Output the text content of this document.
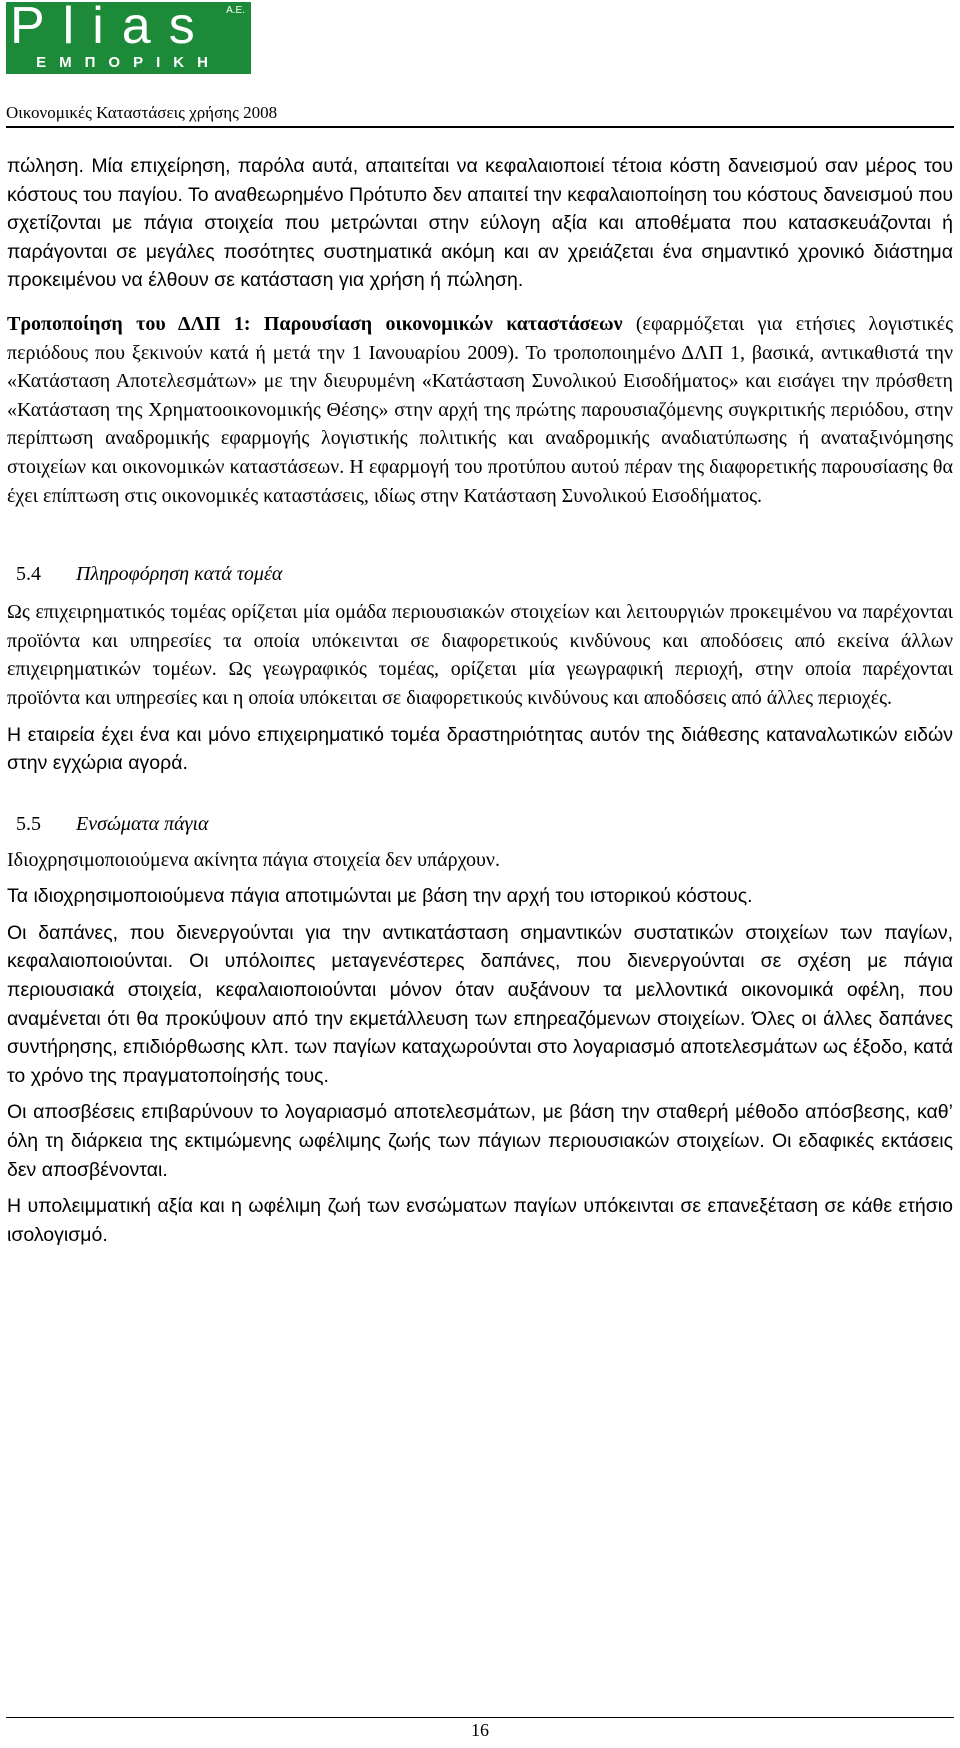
Plias Α.Ε.
ΕΜΠΟΡΙΚΗ
Οικονομικές Καταστάσεις χρήσης 2008

πώληση. Μία επιχείρηση, παρόλα αυτά, απαιτείται να κεφαλαιοποιεί τέτοια κόστη δανεισμού σαν μέρος του κόστους του παγίου. Το αναθεωρημένο Πρότυπο δεν απαιτεί την κεφαλαιοποίηση του κόστους δανεισμού που σχετίζονται με πάγια στοιχεία που μετρώνται στην εύλογη αξία και αποθέματα που κατασκευάζονται ή παράγονται σε μεγάλες ποσότητες συστηματικά ακόμη και αν χρειάζεται ένα σημαντικό χρονικό διάστημα προκειμένου να έλθουν σε κατάσταση για χρήση ή πώληση.

Τροποποίηση του ΔΛΠ 1: Παρουσίαση οικονομικών καταστάσεων (εφαρμόζεται για ετήσιες λογιστικές περιόδους που ξεκινούν κατά ή μετά την 1 Ιανουαρίου 2009). Το τροποποιημένο ΔΛΠ 1, βασικά, αντικαθιστά την «Κατάσταση Αποτελεσμάτων» με την διευρυμένη «Κατάσταση Συνολικού Εισοδήματος» και εισάγει την πρόσθετη «Κατάσταση της Χρηματοοικονομικής Θέσης» στην αρχή της πρώτης παρουσιαζόμενης συγκριτικής περιόδου, στην περίπτωση αναδρομικής εφαρμογής λογιστικής πολιτικής και αναδρομικής αναδιατύπωσης ή αναταξινόμησης στοιχείων και οικονομικών καταστάσεων. Η εφαρμογή του προτύπου αυτού πέραν της διαφορετικής παρουσίασης θα έχει επίπτωση στις οικονομικές καταστάσεις, ιδίως στην Κατάσταση Συνολικού Εισοδήματος.

5.4 Πληροφόρηση κατά τομέα

Ως επιχειρηματικός τομέας ορίζεται μία ομάδα περιουσιακών στοιχείων και λειτουργιών προκειμένου να παρέχονται προϊόντα και υπηρεσίες τα οποία υπόκεινται σε διαφορετικούς κινδύνους και αποδόσεις από εκείνα άλλων επιχειρηματικών τομέων. Ως γεωγραφικός τομέας, ορίζεται μία γεωγραφική περιοχή, στην οποία παρέχονται προϊόντα και υπηρεσίες και η οποία υπόκειται σε διαφορετικούς κινδύνους και αποδόσεις από άλλες περιοχές.

Η εταιρεία έχει ένα και μόνο επιχειρηματικό τομέα δραστηριότητας αυτόν της διάθεσης καταναλωτικών ειδών στην εγχώρια αγορά.

5.5 Ενσώματα πάγια

Ιδιοχρησιμοποιούμενα ακίνητα πάγια στοιχεία δεν υπάρχουν.

Τα ιδιοχρησιμοποιούμενα πάγια αποτιμώνται με βάση την αρχή του ιστορικού κόστους.

Οι δαπάνες, που διενεργούνται για την αντικατάσταση σημαντικών συστατικών στοιχείων των παγίων, κεφαλαιοποιούνται. Οι υπόλοιπες μεταγενέστερες δαπάνες, που διενεργούνται σε σχέση με πάγια περιουσιακά στοιχεία, κεφαλαιοποιούνται μόνον όταν αυξάνουν τα μελλοντικά οικονομικά οφέλη, που αναμένεται ότι θα προκύψουν από την εκμετάλλευση των επηρεαζόμενων στοιχείων. Όλες οι άλλες δαπάνες συντήρησης, επιδιόρθωσης κλπ. των παγίων καταχωρούνται στο λογαριασμό αποτελεσμάτων ως έξοδο, κατά το χρόνο της πραγματοποίησής τους.

Οι αποσβέσεις επιβαρύνουν το λογαριασμό αποτελεσμάτων, με βάση την σταθερή μέθοδο απόσβεσης, καθ’ όλη τη διάρκεια της εκτιμώμενης ωφέλιμης ζωής των πάγιων περιουσιακών στοιχείων. Οι εδαφικές εκτάσεις δεν αποσβένονται.

Η υπολειμματική αξία και η ωφέλιμη ζωή των ενσώματων παγίων υπόκεινται σε επανεξέταση σε κάθε ετήσιο ισολογισμό.

16
